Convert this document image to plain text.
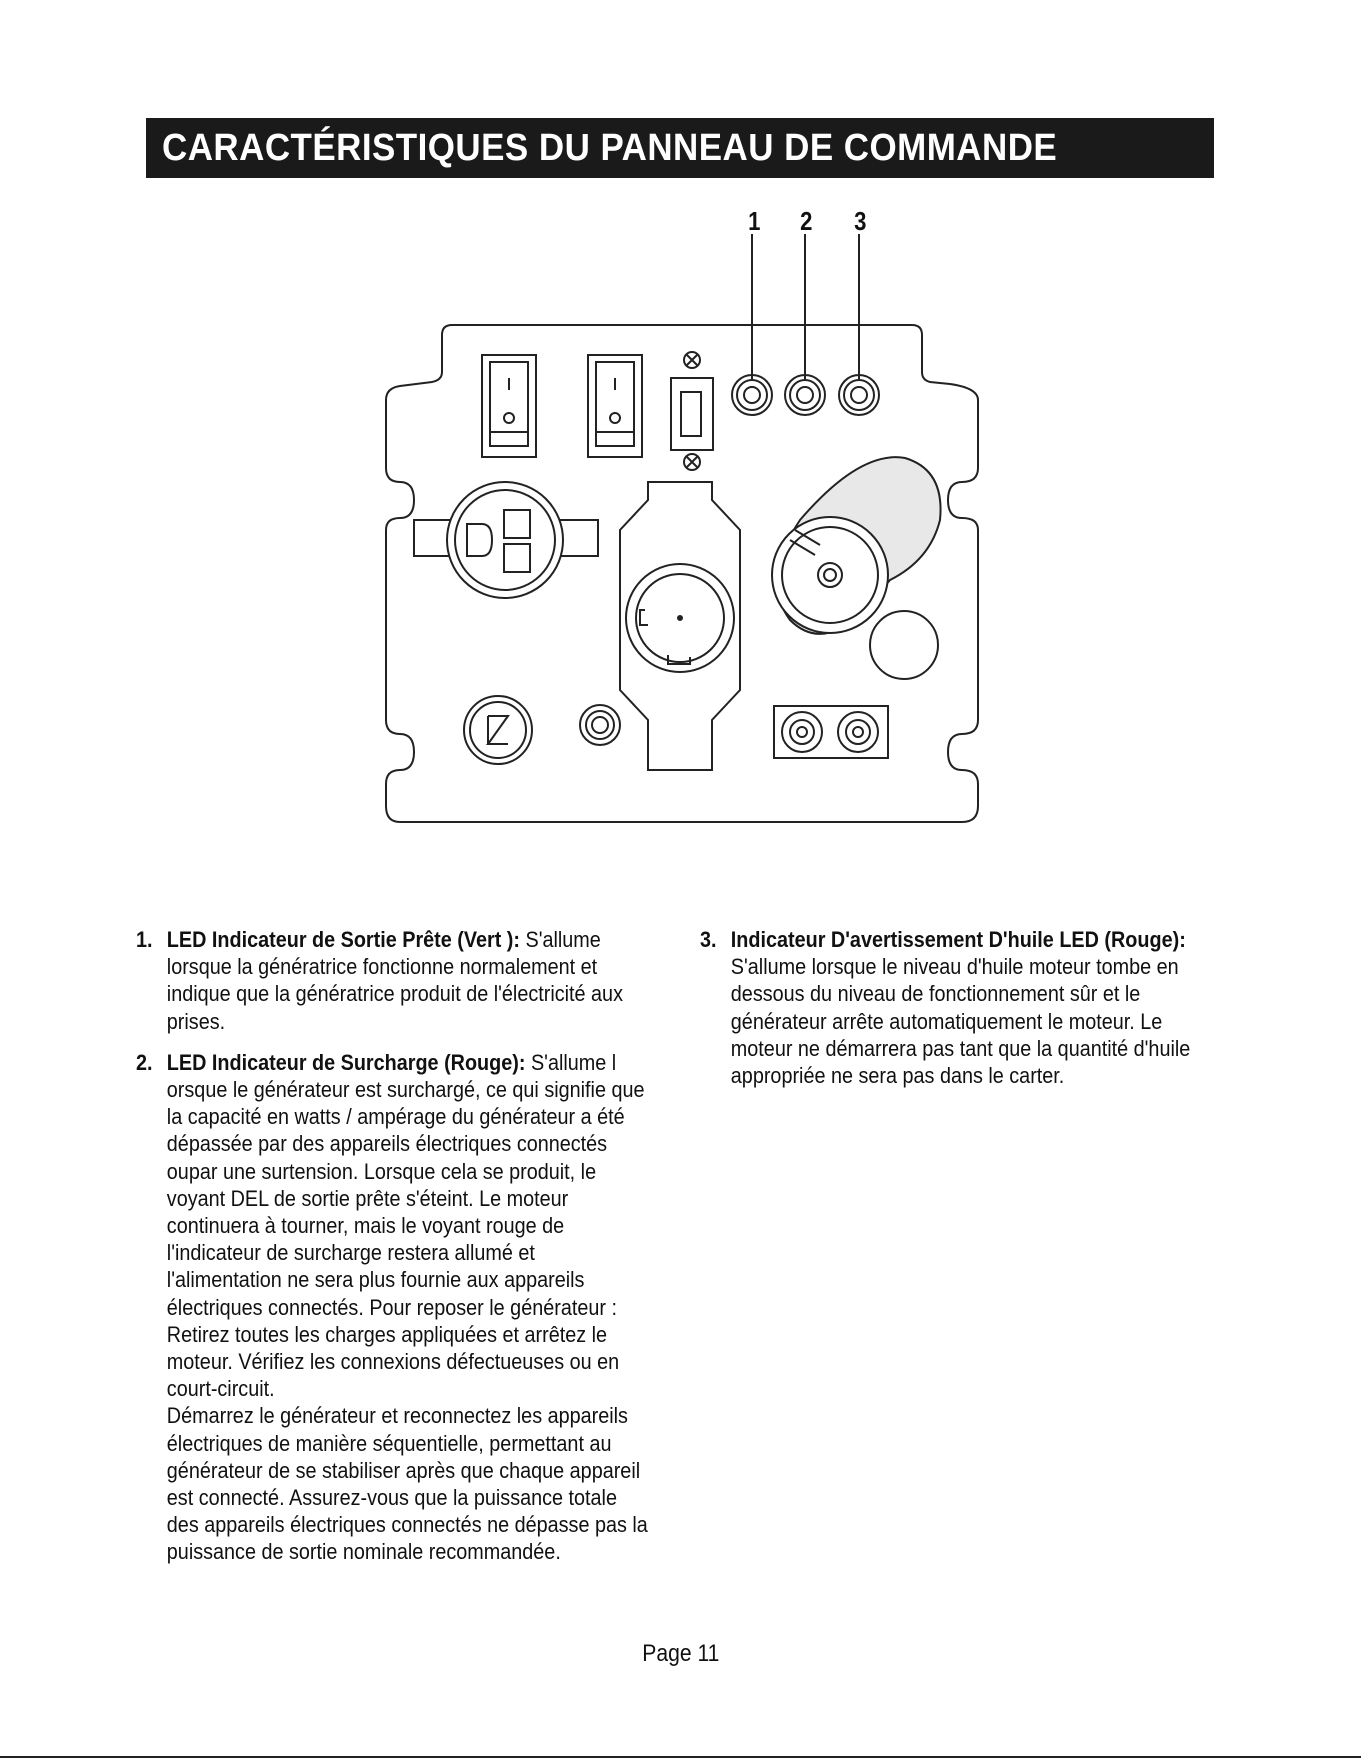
CARACTÉRISTIQUES DU PANNEAU DE COMMANDE
1 2 3
1. LED Indicateur de Sortie Prête (Vert ): S'allume lorsque la génératrice fonctionne normalement et indique que la génératrice produit de l'électricité aux prises.
2. LED Indicateur de Surcharge (Rouge): S'allume l orsque le générateur est surchargé, ce qui signifie que la capacité en watts / ampérage du générateur a été dépassée par des appareils électriques connectés oupar une surtension. Lorsque cela se produit, le voyant DEL de sortie prête s'éteint. Le moteur continuera à tourner, mais le voyant rouge de l'indicateur de surcharge restera allumé et l'alimentation ne sera plus fournie aux appareils électriques connectés. Pour reposer le générateur : Retirez toutes les charges appliquées et arrêtez le moteur. Vérifiez les connexions défectueuses ou en court-circuit.
Démarrez le générateur et reconnectez les appareils électriques de manière séquentielle, permettant au générateur de se stabiliser après que chaque appareil est connecté. Assurez-vous que la puissance totale des appareils électriques connectés ne dépasse pas la puissance de sortie nominale recommandée.
3. Indicateur D'avertissement D'huile LED (Rouge): S'allume lorsque le niveau d'huile moteur tombe en dessous du niveau de fonctionnement sûr et le générateur arrête automatiquement le moteur. Le moteur ne démarrera pas tant que la quantité d'huile appropriée ne sera pas dans le carter.
Page 11
